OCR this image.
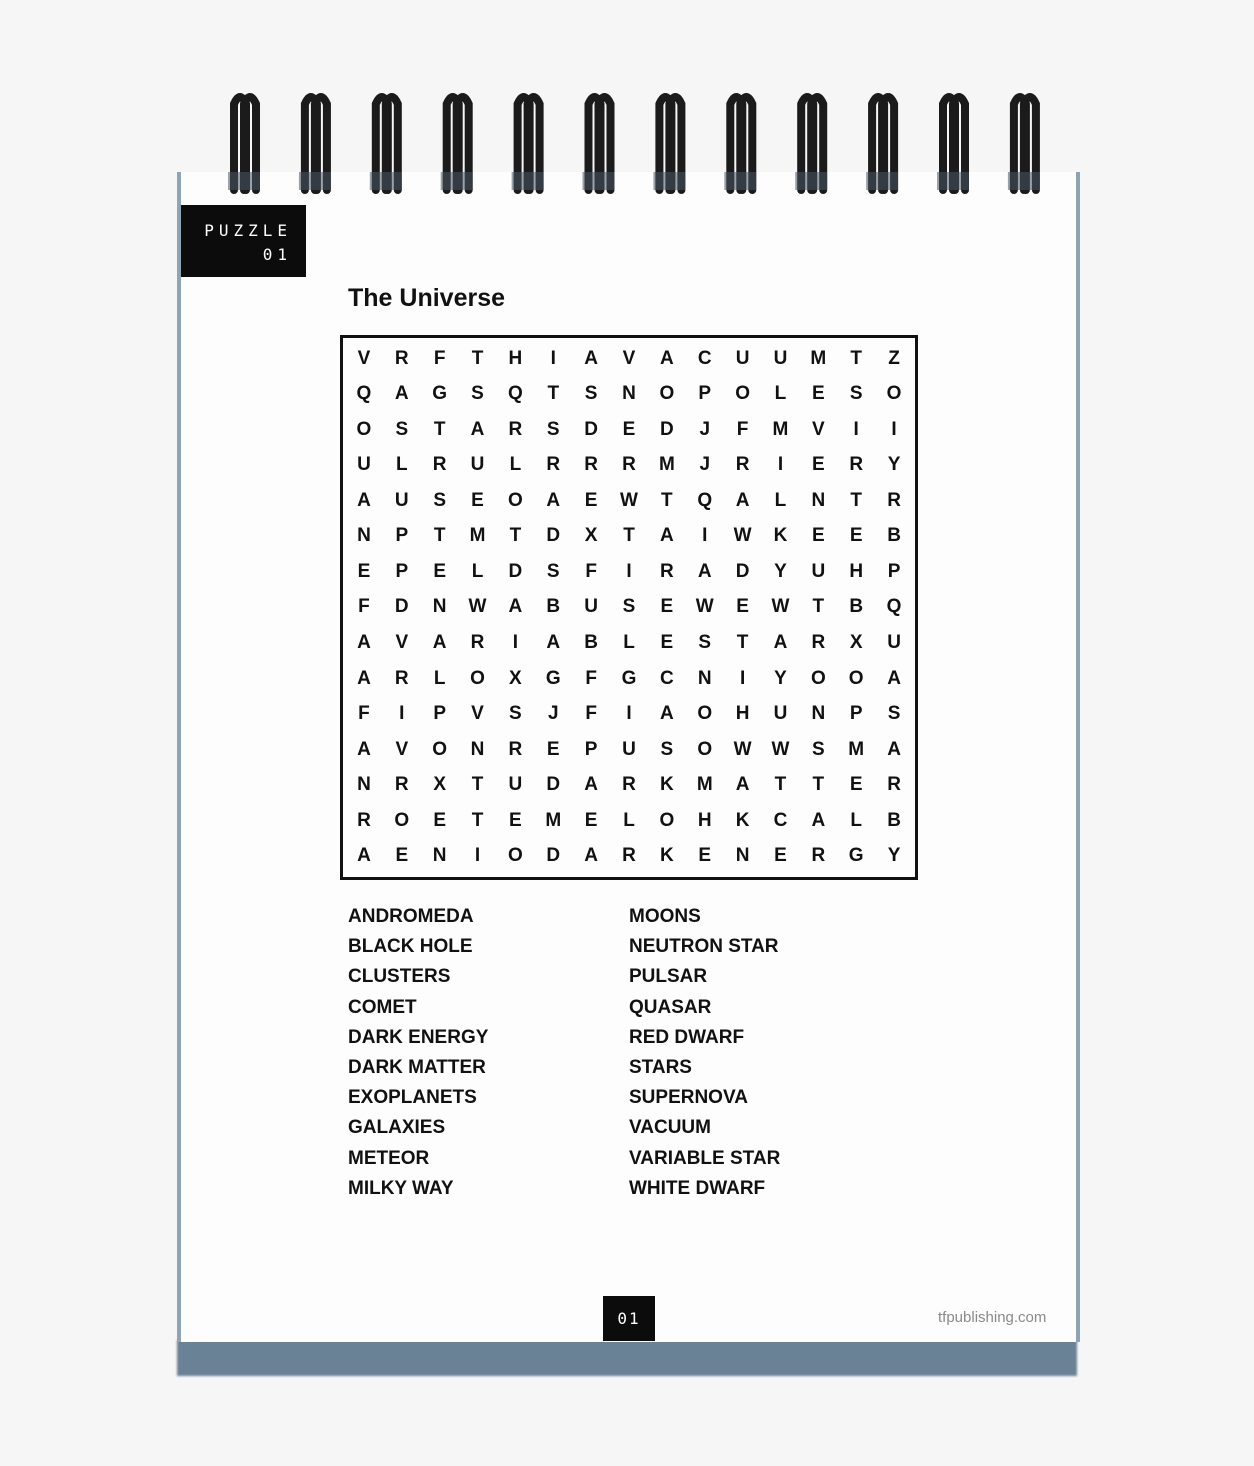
PUZZLE
01
The Universe
V	R	F	T	H	I	A	V	A	C	U	U	M	T	Z
Q	A	G	S	Q	T	S	N	O	P	O	L	E	S	O
O	S	T	A	R	S	D	E	D	J	F	M	V	I	I
U	L	R	U	L	R	R	R	M	J	R	I	E	R	Y
A	U	S	E	O	A	E	W	T	Q	A	L	N	T	R
N	P	T	M	T	D	X	T	A	I	W	K	E	E	B
E	P	E	L	D	S	F	I	R	A	D	Y	U	H	P
F	D	N	W	A	B	U	S	E	W	E	W	T	B	Q
A	V	A	R	I	A	B	L	E	S	T	A	R	X	U
A	R	L	O	X	G	F	G	C	N	I	Y	O	O	A
F	I	P	V	S	J	F	I	A	O	H	U	N	P	S
A	V	O	N	R	E	P	U	S	O	W	W	S	M	A
N	R	X	T	U	D	A	R	K	M	A	T	T	E	R
R	O	E	T	E	M	E	L	O	H	K	C	A	L	B
A	E	N	I	O	D	A	R	K	E	N	E	R	G	Y
ANDROMEDA
BLACK HOLE
CLUSTERS
COMET
DARK ENERGY
DARK MATTER
EXOPLANETS
GALAXIES
METEOR
MILKY WAY
MOONS
NEUTRON STAR
PULSAR
QUASAR
RED DWARF
STARS
SUPERNOVA
VACUUM
VARIABLE STAR
WHITE DWARF
01	tfpublishing.com
